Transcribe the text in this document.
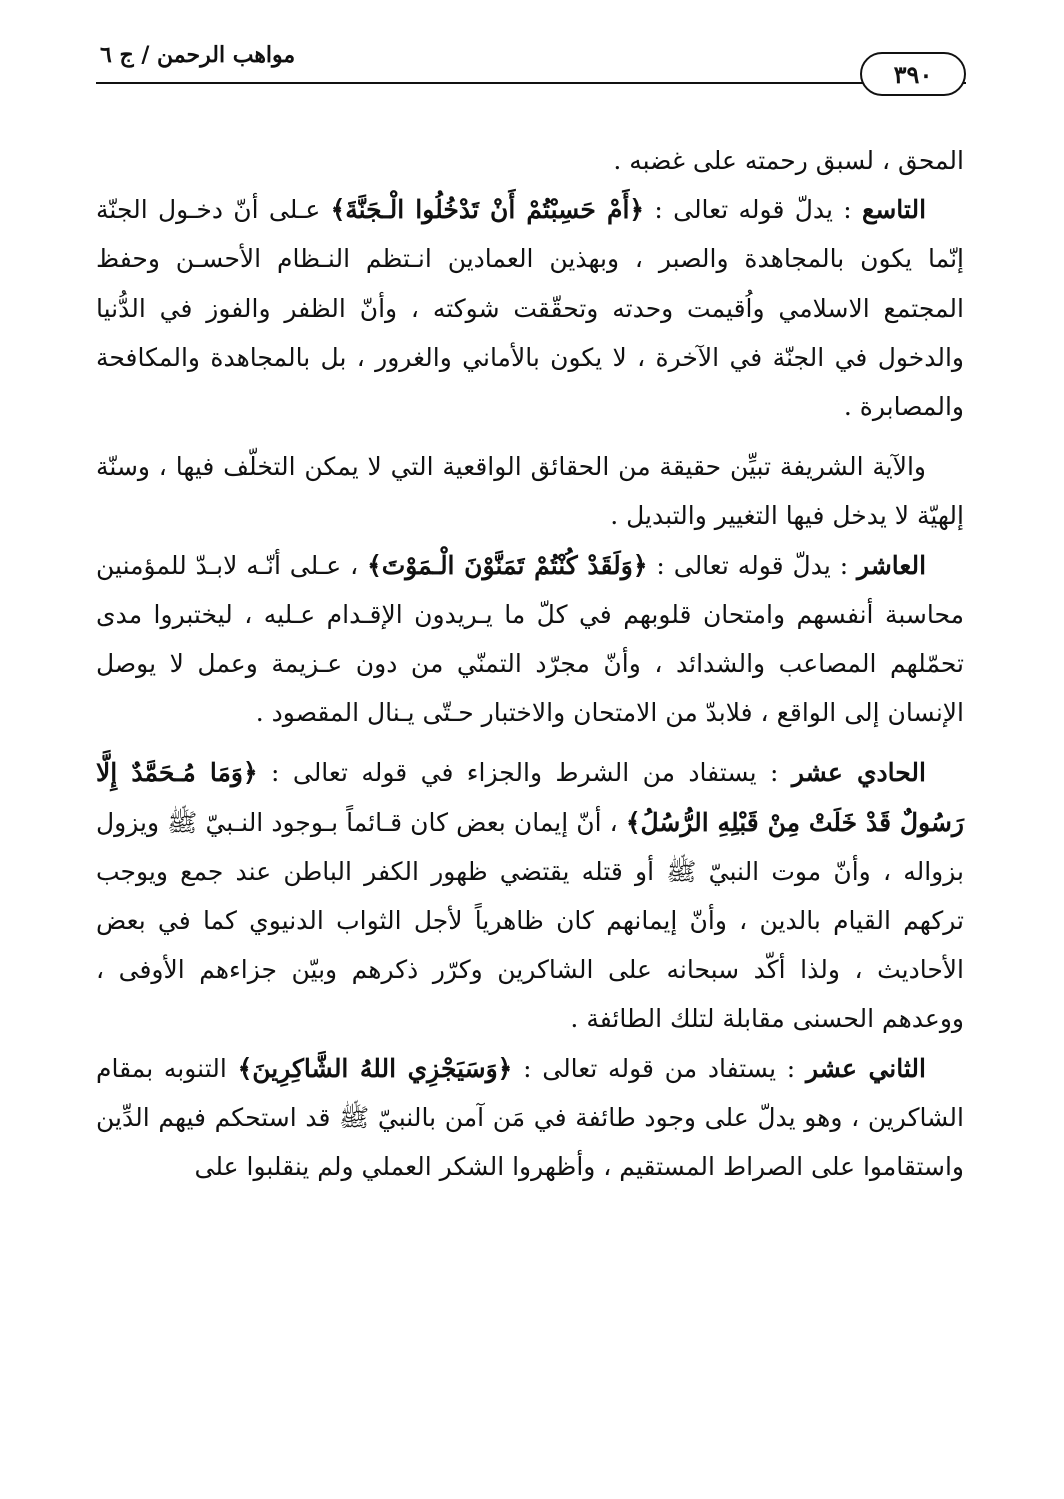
مواهب الرحمن / ج ٦
٣٩٠

المحق ، لسبق رحمته على غضبه .

التاسع : يدلّ قوله تعالى : ﴿أَمْ حَسِبْتُمْ أَنْ تَدْخُلُوا الْـجَنَّةَ﴾ عـلى أنّ دخـول الجنّة إنّما يكون بالمجاهدة والصبر ، وبهذين العمادين انـتظم النـظام الأحسـن وحفظ المجتمع الاسلامي واُقيمت وحدته وتحقّقت شوكته ، وأنّ الظفر والفوز في الدُّنيا والدخول في الجنّة في الآخرة ، لا يكون بالأماني والغرور ، بل بالمجاهدة والمكافحة والمصابرة .

والآية الشريفة تبيِّن حقيقة من الحقائق الواقعية التي لا يمكن التخلّف فيها ، وسنّة إلهيّة لا يدخل فيها التغيير والتبديل .

العاشر : يدلّ قوله تعالى : ﴿وَلَقَدْ كُنْتُمْ تَمَنَّوْنَ الْـمَوْتَ﴾ ، عـلى أنّـه لابـدّ للمؤمنين محاسبة أنفسهم وامتحان قلوبهم في كلّ ما يـريدون الإقـدام عـليه ، ليختبروا مدى تحمّلهم المصاعب والشدائد ، وأنّ مجرّد التمنّي من دون عـزيمة وعمل لا يوصل الإنسان إلى الواقع ، فلابدّ من الامتحان والاختبار حـتّى يـنال المقصود .

الحادي عشر : يستفاد من الشرط والجزاء في قوله تعالى : ﴿وَمَا مُـحَمَّدٌ إِلَّا رَسُولٌ قَدْ خَلَتْ مِنْ قَبْلِهِ الرُّسُلُ﴾ ، أنّ إيمان بعض كان قـائماً بـوجود النـبيّ ﷺ ويزول بزواله ، وأنّ موت النبيّ ﷺ أو قتله يقتضي ظهور الكفر الباطن عند جمع ويوجب تركهم القيام بالدين ، وأنّ إيمانهم كان ظاهرياً لأجل الثواب الدنيوي كما في بعض الأحاديث ، ولذا أكّد سبحانه على الشاكرين وكرّر ذكرهم وبيّن جزاءهم الأوفى ، ووعدهم الحسنى مقابلة لتلك الطائفة .

الثاني عشر : يستفاد من قوله تعالى : ﴿وَسَيَجْزِي اللهُ الشَّاكِرِينَ﴾ التنوبه بمقام الشاكرين ، وهو يدلّ على وجود طائفة في مَن آمن بالنبيّ ﷺ قد استحكم فيهم الدِّين واستقاموا على الصراط المستقيم ، وأظهروا الشكر العملي ولم ينقلبوا على
